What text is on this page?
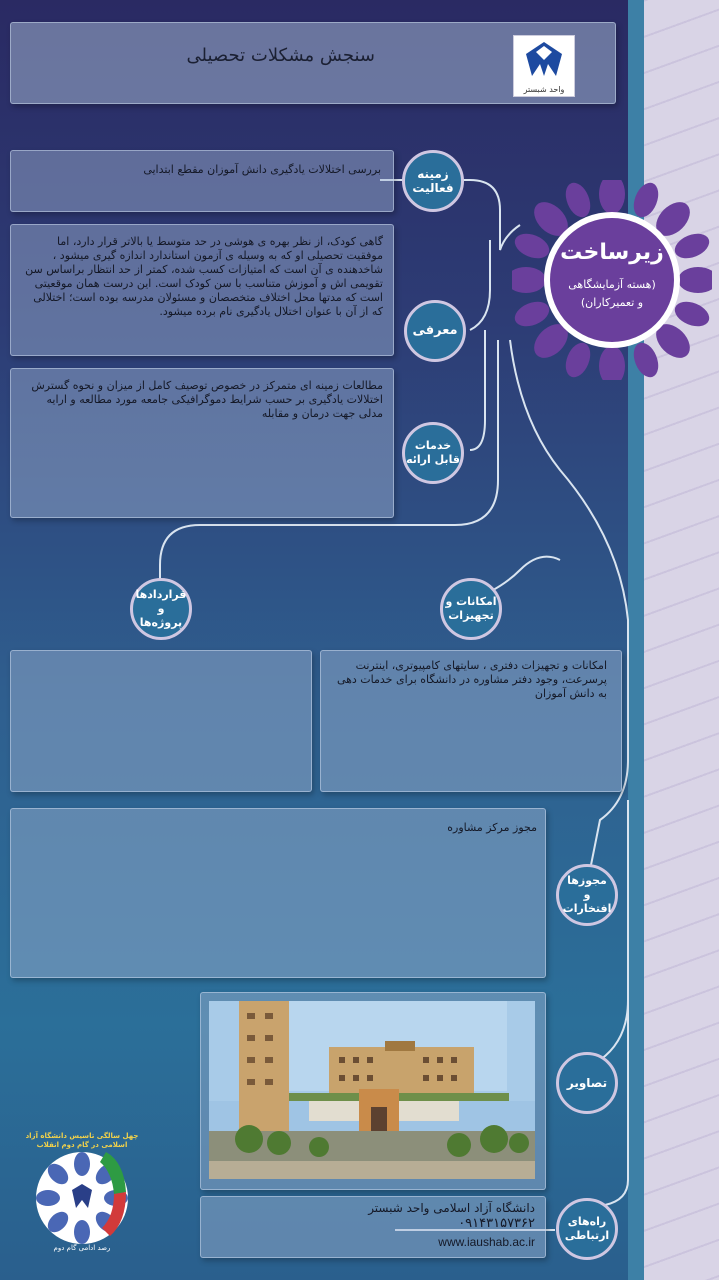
سنجش مشکلات تحصیلی
واحد شبستر
زیرساخت
(هسته آزمایشگاهی
و تعمیرکاران)
بررسی اختلالات یادگیری دانش آموزان مقطع ابتدایی	زمینه
فعالیت
گاهی کودک، از نظر بهره ی هوشی در حد متوسط یا بالاتر قرار دارد، اما موفقیت تحصیلی او که به وسیله ی آزمون استاندارد اندازه گیری میشود ، شاخدهنده ی آن است که امتیازات کسب شده، کمتر از حد انتظار براساس سن تقویمی اش و آموزش متناسب با سن کودک است. این درست همان موقعیتی است که مدتها محل اختلاف متخصصان و مسئولان مدرسه بوده است؛ اختلالی که از آن با عنوان اختلال یادگیری نام برده میشود.
معرفی
مطالعات زمینه ای متمرکز در خصوص توصیف کامل از میزان و نحوه گسترش اختلالات یادگیری بر حسب شرایط دموگرافیکی جامعه مورد مطالعه و ارایه مدلی جهت درمان و مقابله
خدمات
قابل ارائه
قراردادها و
پروژه‌ها
امکانات و
تجهیزات
امکانات و تجهیزات دفتری ، سایتهای کامپیوتری، اینترنت پرسرعت، وجود دفتر مشاوره در دانشگاه برای خدمات دهی به دانش آموزان
مجوز مرکز مشاوره
مجوزها
و افتخارات
تصاویر
دانشگاه آزاد اسلامی واحد شبستر
۰۹۱۴۳۱۵۷۳۶۲
www.iaushab.ac.ir
راه‌های
ارتباطی
چهل سالگی تاسیس دانشگاه آزاد اسلامی در گام دوم انقلاب
رصد ادامی گام دوم
